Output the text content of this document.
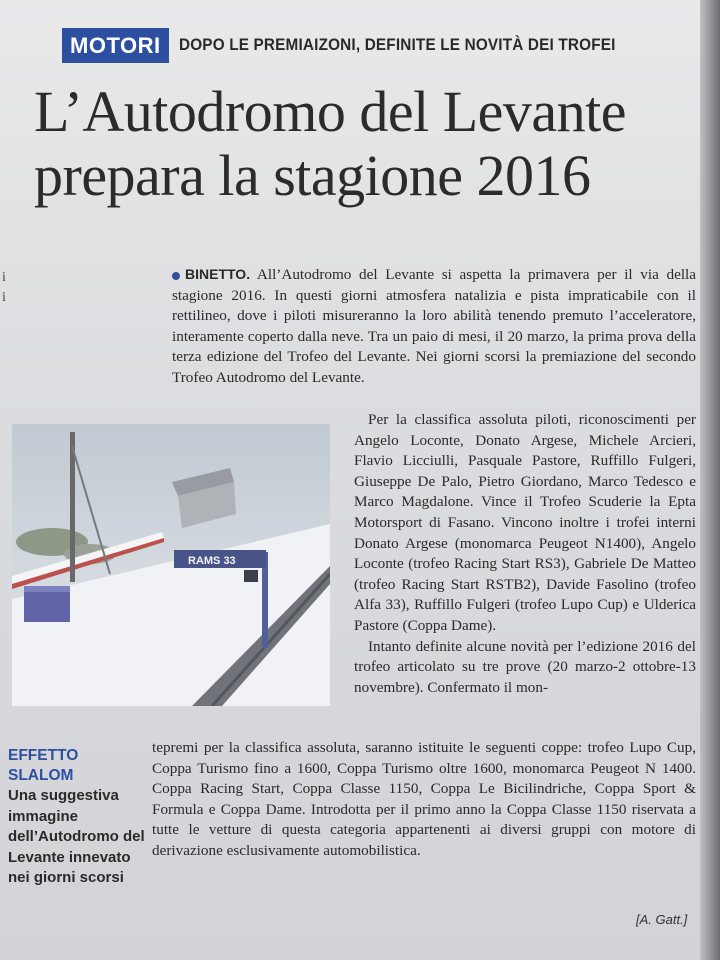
MOTORI	DOPO LE PREMIAIZONI, DEFINITE LE NOVITÀ DEI TROFEI
L’Autodromo del Levante
prepara la stagione 2016
i
i

BINETTO. All’Autodromo del Levante si aspetta la primavera per il via della stagione 2016. In questi giorni atmosfera natalizia e pista impraticabile con il rettilineo, dove i piloti misureranno la loro abilità tenendo premuto l’acceleratore, interamente coperto dalla neve. Tra un paio di mesi, il 20 marzo, la prima prova della terza edizione del Trofeo del Levante. Nei giorni scorsi la premiazione del secondo Trofeo Autodromo del Levante.

RAMS 33

Per la classifica assoluta piloti, riconoscimenti per Angelo Loconte, Donato Argese, Michele Arcieri, Flavio Licciulli, Pasquale Pastore, Ruffillo Fulgeri, Giuseppe De Palo, Pietro Giordano, Marco Tedesco e Marco Magdalone. Vince il Trofeo Scuderie la Epta Motorsport di Fasano. Vincono inoltre i trofei interni Donato Argese (monomarca Peugeot N1400), Angelo Loconte (trofeo Racing Start RS3), Gabriele De Matteo (trofeo Racing Start RSTB2), Davide Fasolino (trofeo Alfa 33), Ruffillo Fulgeri (trofeo Lupo Cup) e Ulderica Pastore (Coppa Dame).

Intanto definite alcune novità per l’edizione 2016 del trofeo articolato su tre prove (20 marzo-2 ottobre-13 novembre). Confermato il mon-

tepremi per la classifica assoluta, saranno istituite le seguenti coppe: trofeo Lupo Cup, Coppa Turismo fino a 1600, Coppa Turismo oltre 1600, monomarca Peugeot N 1400. Coppa Racing Start, Coppa Classe 1150, Coppa Le Bicilindriche, Coppa Sport & Formula e Coppa Dame. Introdotta per il primo anno la Coppa Classe 1150 riservata a tutte le vetture di questa categoria appartenenti ai diversi gruppi con motore di derivazione esclusivamente automobilistica.

EFFETTO
SLALOM
Una suggestiva immagine dell’Autodromo del Levante innevato nei giorni scorsi
[A. Gatt.]
